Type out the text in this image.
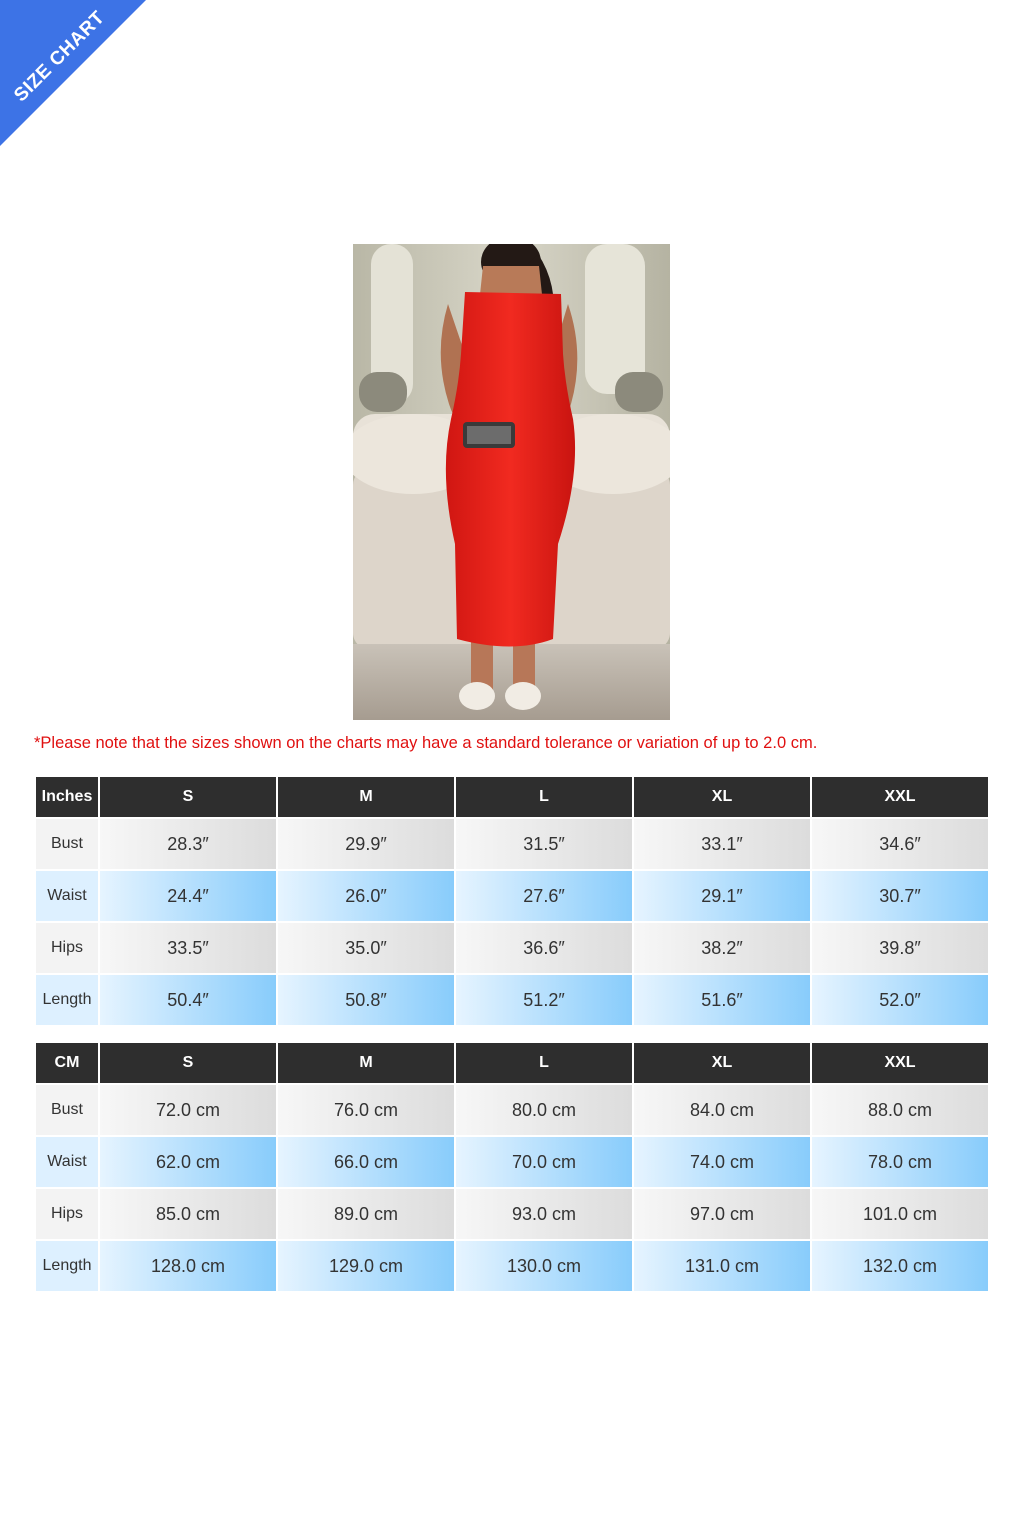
SIZE CHART
*Please note that the sizes shown on the charts may have a standard tolerance or variation of up to 2.0 cm.
Inches	S	M	L	XL	XXL
Bust	28.3″	29.9″	31.5″	33.1″	34.6″
Waist	24.4″	26.0″	27.6″	29.1″	30.7″
Hips	33.5″	35.0″	36.6″	38.2″	39.8″
Length	50.4″	50.8″	51.2″	51.6″	52.0″
CM	S	M	L	XL	XXL
Bust	72.0 cm	76.0 cm	80.0 cm	84.0 cm	88.0 cm
Waist	62.0 cm	66.0 cm	70.0 cm	74.0 cm	78.0 cm
Hips	85.0 cm	89.0 cm	93.0 cm	97.0 cm	101.0 cm
Length	128.0 cm	129.0 cm	130.0 cm	131.0 cm	132.0 cm
